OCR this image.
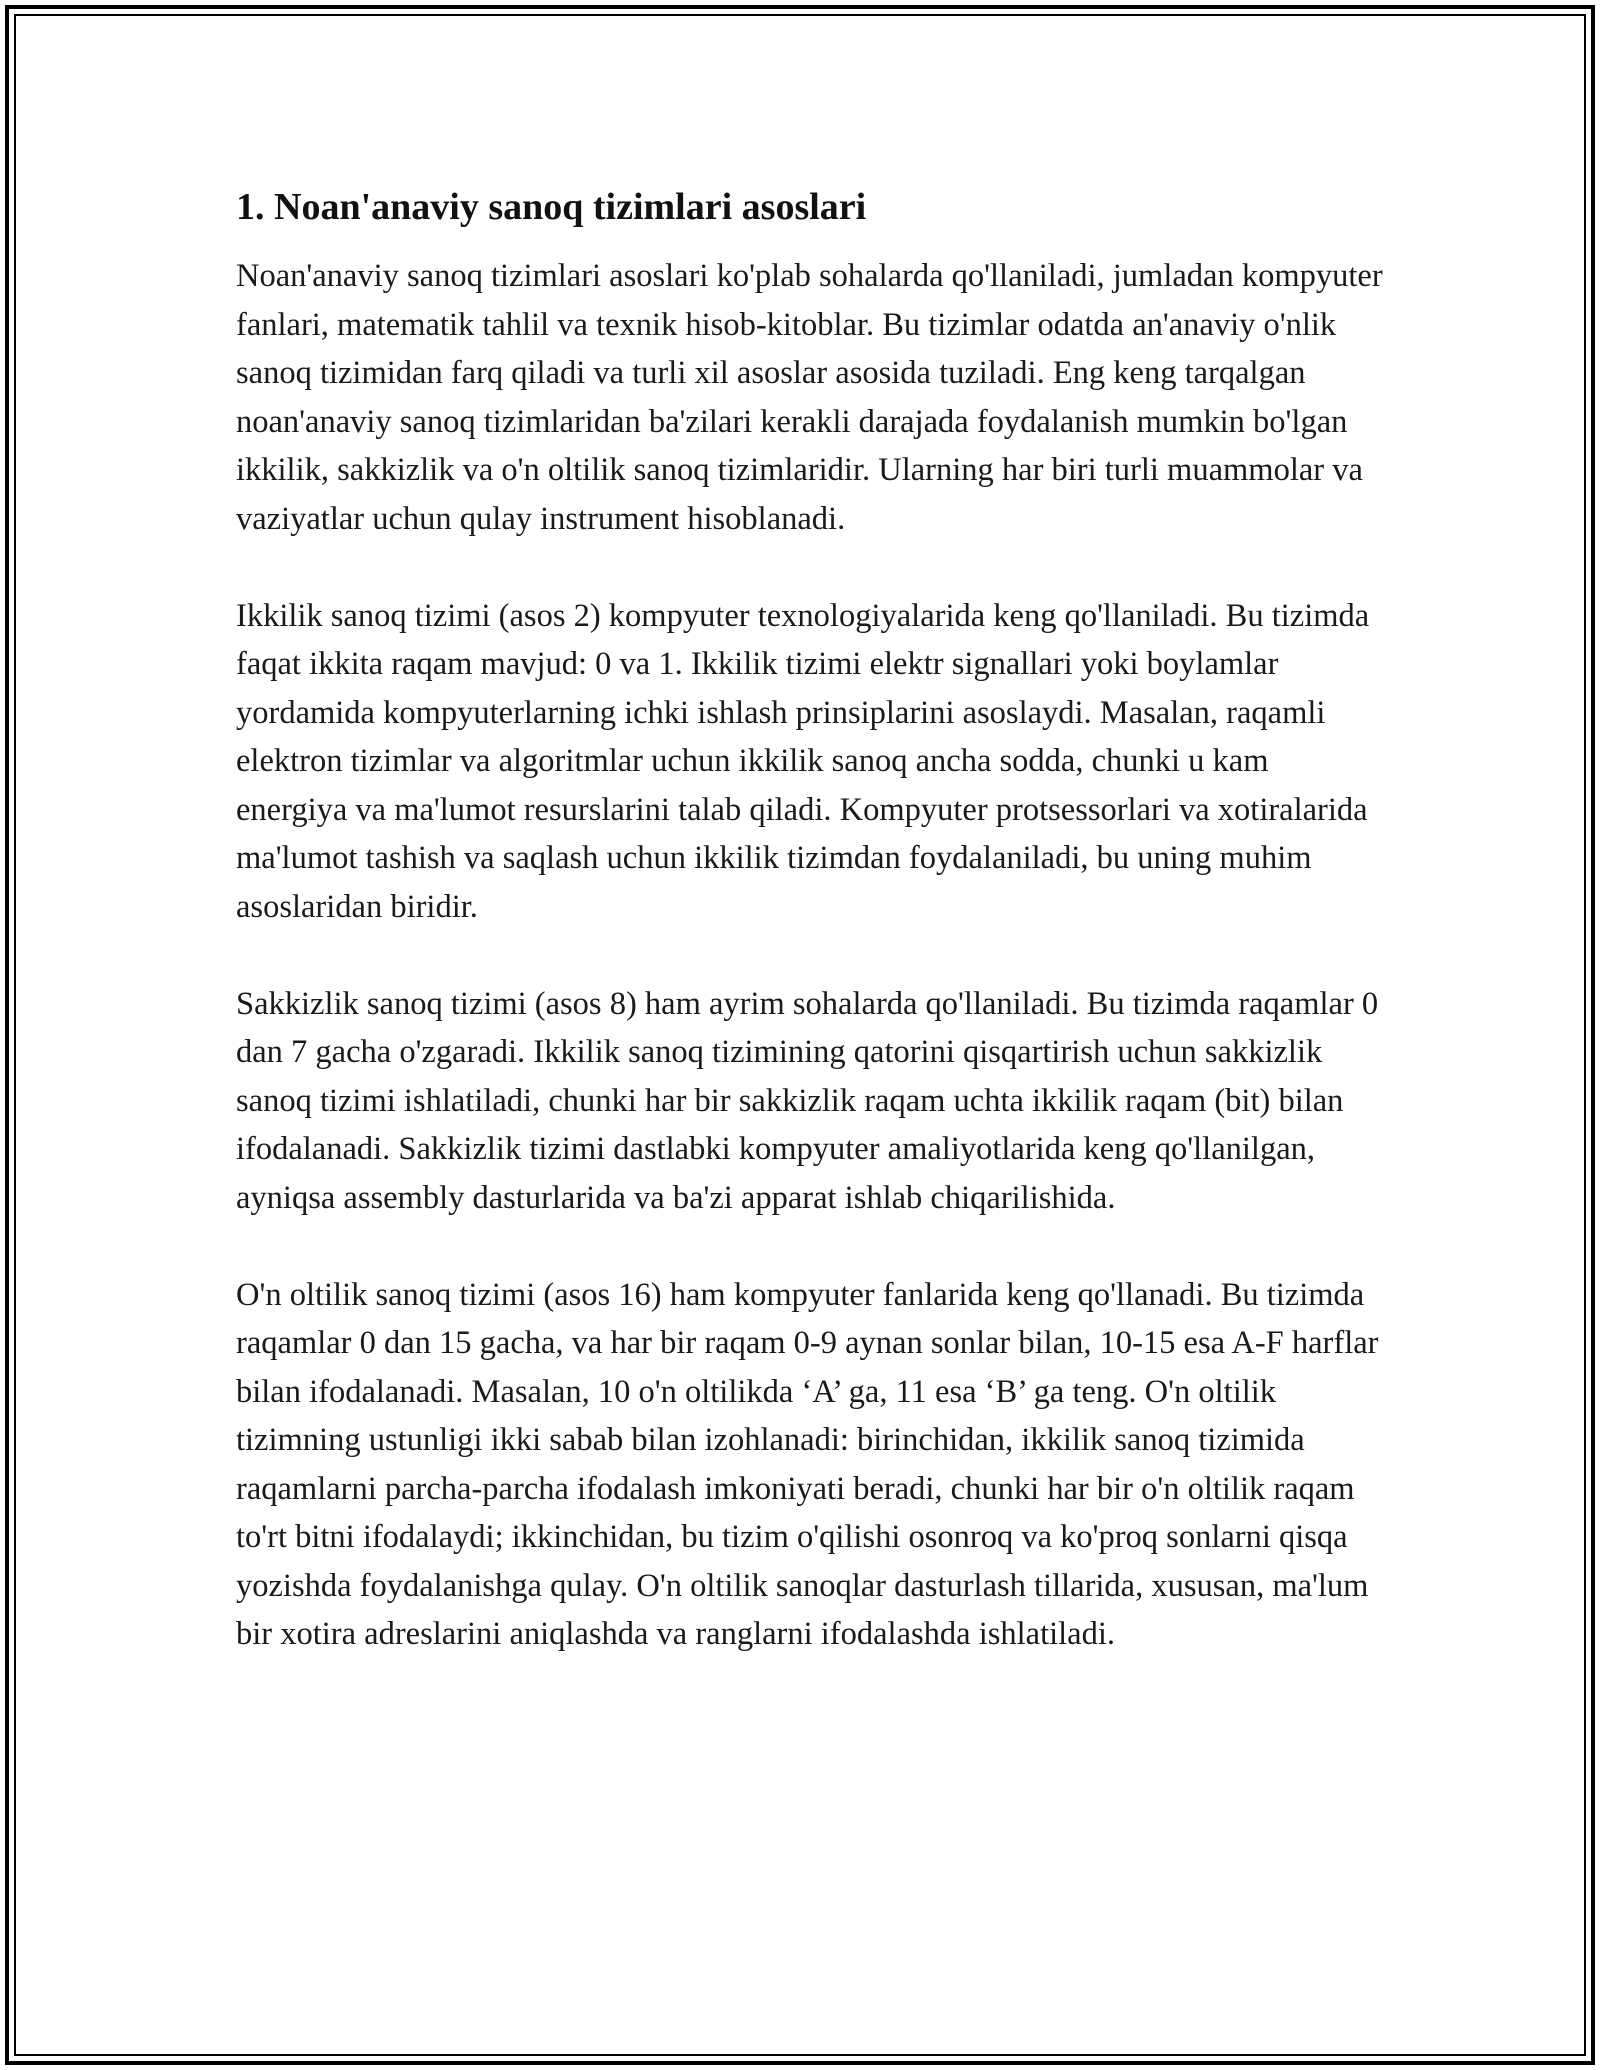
1. Noan'anaviy sanoq tizimlari asoslari

Noan'anaviy sanoq tizimlari asoslari ko'plab sohalarda qo'llaniladi, jumladan kompyuter fanlari, matematik tahlil va texnik hisob-kitoblar. Bu tizimlar odatda an'anaviy o'nlik sanoq tizimidan farq qiladi va turli xil asoslar asosida tuziladi. Eng keng tarqalgan noan'anaviy sanoq tizimlaridan ba'zilari kerakli darajada foydalanish mumkin bo'lgan ikkilik, sakkizlik va o'n oltilik sanoq tizimlaridir. Ularning har biri turli muammolar va vaziyatlar uchun qulay instrument hisoblanadi.

Ikkilik sanoq tizimi (asos 2) kompyuter texnologiyalarida keng qo'llaniladi. Bu tizimda faqat ikkita raqam mavjud: 0 va 1. Ikkilik tizimi elektr signallari yoki boylamlar yordamida kompyuterlarning ichki ishlash prinsiplarini asoslaydi. Masalan, raqamli elektron tizimlar va algoritmlar uchun ikkilik sanoq ancha sodda, chunki u kam energiya va ma'lumot resurslarini talab qiladi. Kompyuter protsessorlari va xotiralarida ma'lumot tashish va saqlash uchun ikkilik tizimdan foydalaniladi, bu uning muhim asoslaridan biridir.

Sakkizlik sanoq tizimi (asos 8) ham ayrim sohalarda qo'llaniladi. Bu tizimda raqamlar 0 dan 7 gacha o'zgaradi. Ikkilik sanoq tizimining qatorini qisqartirish uchun sakkizlik sanoq tizimi ishlatiladi, chunki har bir sakkizlik raqam uchta ikkilik raqam (bit) bilan ifodalanadi. Sakkizlik tizimi dastlabki kompyuter amaliyotlarida keng qo'llanilgan, ayniqsa assembly dasturlarida va ba'zi apparat ishlab chiqarilishida.

O'n oltilik sanoq tizimi (asos 16) ham kompyuter fanlarida keng qo'llanadi. Bu tizimda raqamlar 0 dan 15 gacha, va har bir raqam 0-9 aynan sonlar bilan, 10-15 esa A-F harflar bilan ifodalanadi. Masalan, 10 o'n oltilikda ‘A’ ga, 11 esa ‘B’ ga teng. O'n oltilik tizimning ustunligi ikki sabab bilan izohlanadi: birinchidan, ikkilik sanoq tizimida raqamlarni parcha-parcha ifodalash imkoniyati beradi, chunki har bir o'n oltilik raqam to'rt bitni ifodalaydi; ikkinchidan, bu tizim o'qilishi osonroq va ko'proq sonlarni qisqa yozishda foydalanishga qulay. O'n oltilik sanoqlar dasturlash tillarida, xususan, ma'lum bir xotira adreslarini aniqlashda va ranglarni ifodalashda ishlatiladi.
